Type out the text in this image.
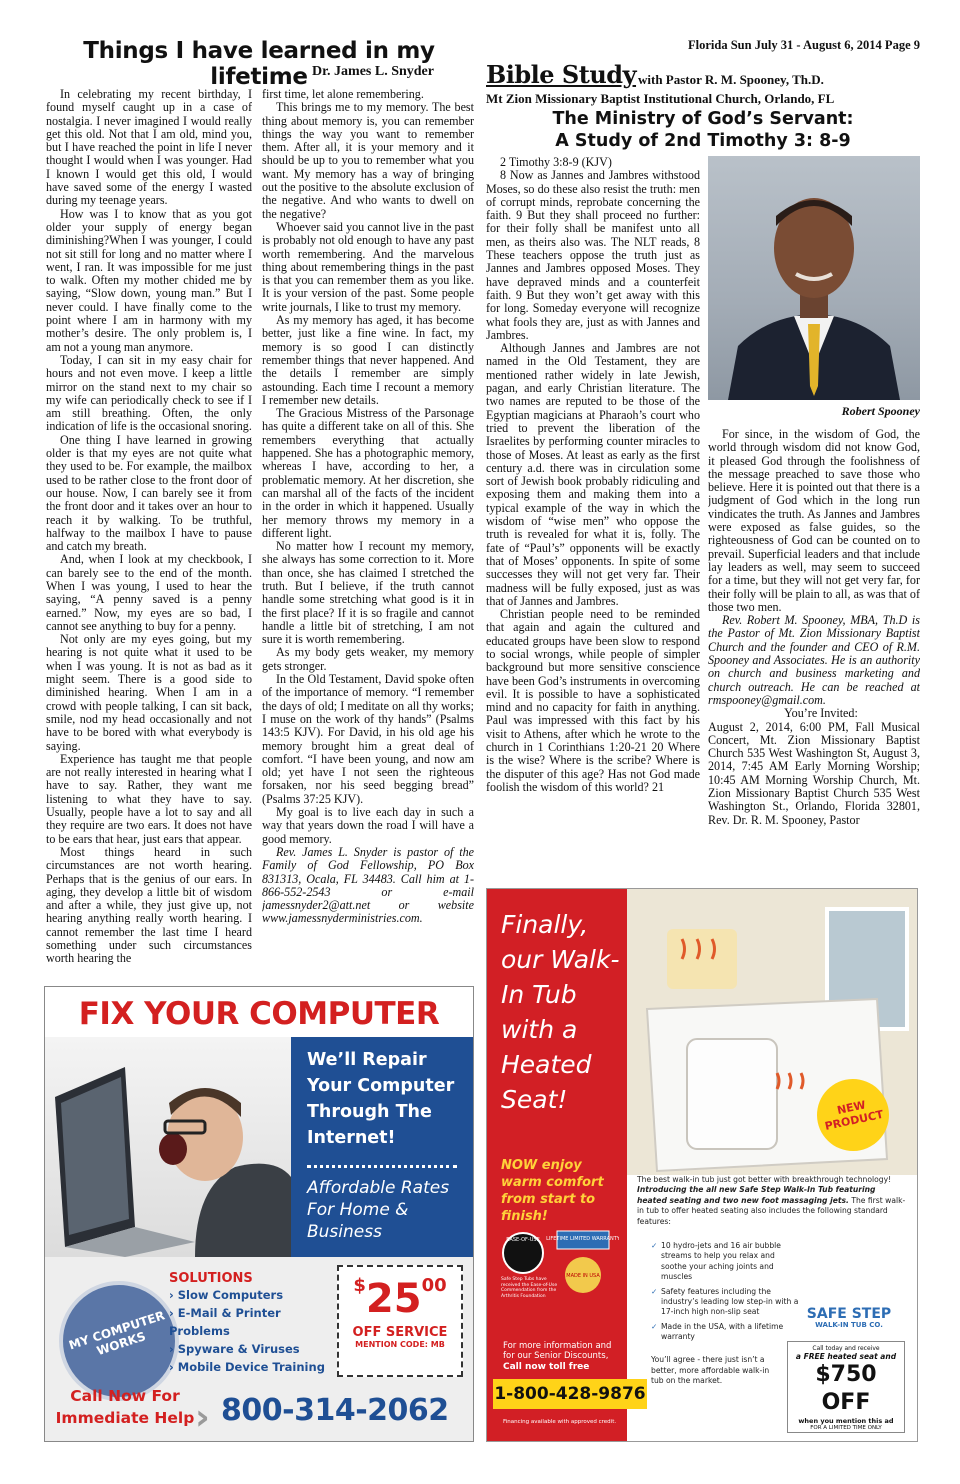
Florida Sun July 31 - August 6, 2014 Page 9
Things I have learned in my lifetime Dr. James L. Snyder

In celebrating my recent birthday, I found myself caught up in a case of nostalgia. I never imagined I would really get this old. Not that I am old, mind you, but I have reached the point in life I never thought I would when I was younger. Had I known I would get this old, I would have saved some of the energy I wasted during my teenage years.

How was I to know that as you got older your supply of energy began diminishing?When I was younger, I could not sit still for long and no matter where I went, I ran. It was impossible for me just to walk. Often my mother chided me by saying, “Slow down, young man.” But I never could. I have finally come to the point where I am in harmony with my mother’s desire. The only problem is, I am not a young man anymore.

Today, I can sit in my easy chair for hours and not even move. I keep a little mirror on the stand next to my chair so my wife can periodically check to see if I am still breathing. Often, the only indication of life is the occasional snoring.

One thing I have learned in growing older is that my eyes are not quite what they used to be. For example, the mailbox used to be rather close to the front door of our house. Now, I can barely see it from the front door and it takes over an hour to reach it by walking. To be truthful, halfway to the mailbox I have to pause and catch my breath.

And, when I look at my checkbook, I can barely see to the end of the month. When I was young, I used to hear the saying, “A penny saved is a penny earned.” Now, my eyes are so bad, I cannot see anything to buy for a penny.

Not only are my eyes going, but my hearing is not quite what it used to be when I was young. It is not as bad as it might seem. There is a good side to diminished hearing. When I am in a crowd with people talking, I can sit back, smile, nod my head occasionally and not have to be bored with what everybody is saying.

Experience has taught me that people are not really interested in hearing what I have to say. Rather, they want me listening to what they have to say. Usually, people have a lot to say and all they require are two ears. It does not have to be ears that hear, just ears that appear.

Most things heard in such circumstances are not worth hearing. Perhaps that is the genius of our ears. In aging, they develop a little bit of wisdom and after a while, they just give up, not hearing anything really worth hearing. I cannot remember the last time I heard something under such circumstances worth hearing the

first time, let alone remembering.

This brings me to my memory. The best thing about memory is, you can remember things the way you want to remember them. After all, it is your memory and it should be up to you to remember what you want. My memory has a way of bringing out the positive to the absolute exclusion of the negative. And who wants to dwell on the negative?

Whoever said you cannot live in the past is probably not old enough to have any past worth remembering. And the marvelous thing about remembering things in the past is that you can remember them as you like. It is your version of the past. Some people write journals, I like to trust my memory.

As my memory has aged, it has become better, just like a fine wine. In fact, my memory is so good I can distinctly remember things that never happened. And the details I remember are simply astounding. Each time I recount a memory I remember new details.

The Gracious Mistress of the Parsonage has quite a different take on all of this. She remembers everything that actually happened. She has a photographic memory, whereas I have, according to her, a problematic memory. At her discretion, she can marshal all of the facts of the incident in the order in which it happened. Usually her memory throws my memory in a different light.

No matter how I recount my memory, she always has some correction to it. More than once, she has claimed I stretched the truth. But I believe, if the truth cannot handle some stretching what good is it in the first place? If it is so fragile and cannot handle a little bit of stretching, I am not sure it is worth remembering.

As my body gets weaker, my memory gets stronger.

In the Old Testament, David spoke often of the importance of memory. “I remember the days of old; I meditate on all thy works; I muse on the work of thy hands” (Psalms 143:5 KJV). For David, in his old age his memory brought him a great deal of comfort. “I have been young, and now am old; yet have I not seen the righteous forsaken, nor his seed begging bread” (Psalms 37:25 KJV).

My goal is to live each day in such a way that years down the road I will have a good memory.

Rev. James L. Snyder is pastor of the Family of God Fellowship, PO Box 831313, Ocala, FL 34483. Call him at 1-866-552-2543 or e-mail jamessnyder2@att.net or website www.jamessnyderministries.com.

Bible Study with Pastor R. M. Spooney, Th.D.
Mt Zion Missionary Baptist Institutional Church, Orlando, FL
The Ministry of God’s Servant:
A Study of 2nd Timothy 3: 8-9

2 Timothy 3:8-9 (KJV)

8 Now as Jannes and Jambres withstood Moses, so do these also resist the truth: men of corrupt minds, reprobate concerning the faith. 9 But they shall proceed no further: for their folly shall be manifest unto all men, as theirs also was. The NLT reads, 8 These teachers oppose the truth just as Jannes and Jambres opposed Moses. They have depraved minds and a counterfeit faith. 9 But they won’t get away with this for long. Someday everyone will recognize what fools they are, just as with Jannes and Jambres.

Although Jannes and Jambres are not named in the Old Testament, they are mentioned rather widely in late Jewish, pagan, and early Christian literature. The two names are reputed to be those of the Egyptian magicians at Pharaoh’s court who tried to prevent the liberation of the Israelites by performing counter miracles to those of Moses. At least as early as the first century a.d. there was in circulation some sort of Jewish book probably ridiculing and exposing them and making them into a typical example of the way in which the wisdom of “wise men” who oppose the truth is revealed for what it is, folly. The fate of “Paul’s” opponents will be exactly that of Moses’ opponents. In spite of some successes they will not get very far. Their madness will be fully exposed, just as was that of Jannes and Jambres.

Christian people need to be reminded that again and again the cultured and educated groups have been slow to respond to social wrongs, while people of simpler background but more sensitive conscience have been God’s instruments in overcoming evil. It is possible to have a sophisticated mind and no capacity for faith in anything. Paul was impressed with this fact by his visit to Athens, after which he wrote to the church in 1 Corinthians 1:20-21 20 Where is the wise? Where is the scribe? Where is the disputer of this age? Has not God made foolish the wisdom of this world? 21

Robert Spooney

For since, in the wisdom of God, the world through wisdom did not know God, it pleased God through the foolishness of the message preached to save those who believe. Here it is pointed out that there is a judgment of God which in the long run vindicates the truth. As Jannes and Jambres were exposed as false guides, so the righteousness of God can be counted on to prevail. Superficial leaders and that include lay leaders as well, may seem to succeed for a time, but they will not get very far, for their folly will be plain to all, as was that of those two men.

Rev. Robert M. Spooney, MBA, Th.D is the Pastor of Mt. Zion Missionary Baptist Church and the founder and CEO of R.M. Spooney and Associates. He is an authority on church and business marketing and church outreach. He can be reached at rmspooney@gmail.com.

You’re Invited:

August 2, 2014, 6:00 PM, Fall Musical Concert, Mt. Zion Missionary Baptist Church 535 West Washington St, August 3, 2014, 7:45 AM Early Morning Worship; 10:45 AM Morning Worship Church, Mt. Zion Missionary Baptist Church 535 West Washington St., Orlando, Florida 32801, Rev. Dr. R. M. Spooney, Pastor

FIX YOUR COMPUTER
We’ll Repair Your Computer Through The Internet!
Affordable Rates For Home & Business
MY COMPUTER WORKS
SOLUTIONS
› Slow Computers
› E-Mail & Printer Problems
› Spyware & Viruses
› Mobile Device Training
$^{\$}25^{00}$
OFF SERVICE
MENTION CODE: MB
Call Now For Immediate Help › 800-314-2062
NEW PRODUCT
Finally, our Walk-In Tub with a Heated Seat!
NOW enjoy warm comfort from start to finish!
EASE-OF-USE LIFETIME LIMITED WARRANTY
MADE IN USA
Safe Step Tubs have received the Ease-of-Use Commendation from the Arthritis Foundation
For more information and for our Senior Discounts,
Call now toll free
Financing available with approved credit.
1-800-428-9876
The best walk-in tub just got better with breakthrough technology! Introducing the all new Safe Step Walk-In Tub featuring heated seating and two new foot massaging jets. The first walk-in tub to offer heated seating also includes the following standard features:
✓ 10 hydro-jets and 16 air bubble streams to help you relax and soothe your aching joints and muscles
✓ Safety features including the industry’s leading low step-in with a 17-inch high non-slip seat
✓ Made in the USA, with a lifetime warranty
You’ll agree - there just isn’t a better, more affordable walk-in tub on the market.
SAFE STEP
WALK-IN TUB CO.
Call today and receive
a FREE heated seat and
$750 OFF
when you mention this ad
FOR A LIMITED TIME ONLY
